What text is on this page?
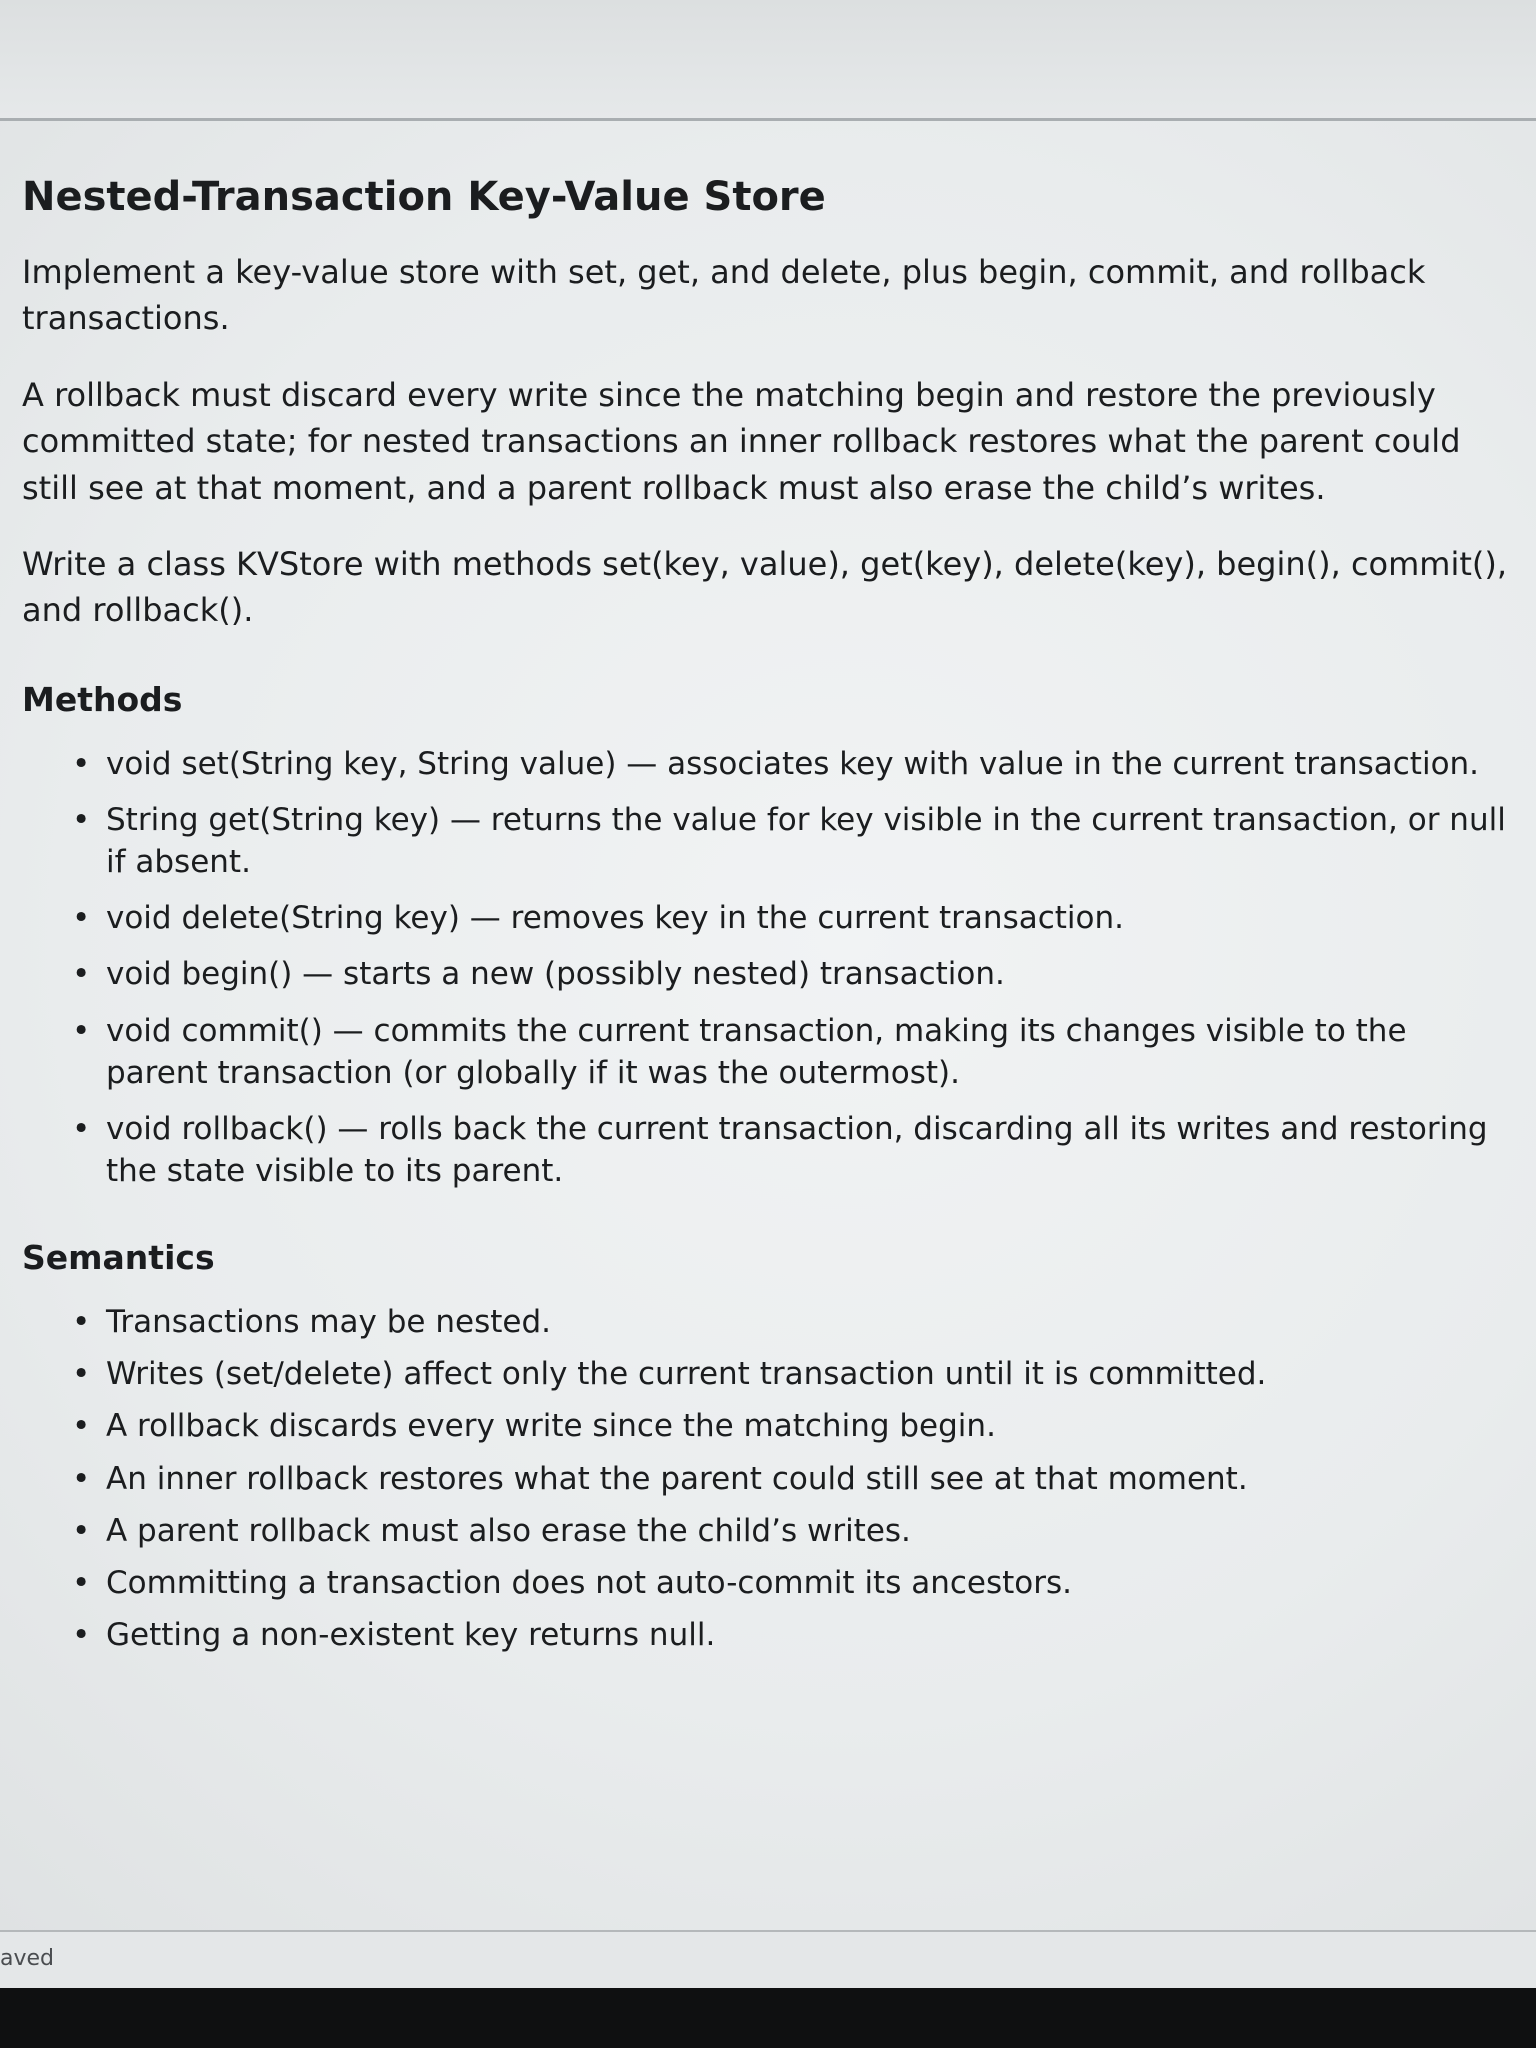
Nested-Transaction Key-Value Store

Implement a key-value store with set, get, and delete, plus begin, commit, and rollback transactions.

A rollback must discard every write since the matching begin and restore the previously committed state; for nested transactions an inner rollback restores what the parent could still see at that moment, and a parent rollback must also erase the child’s writes.

Write a class KVStore with methods set(key, value), get(key), delete(key), begin(), commit(), and rollback().

Methods
• void set(String key, String value) — associates key with value in the current transaction.
• String get(String key) — returns the value for key visible in the current transaction, or null if absent.
• void delete(String key) — removes key in the current transaction.
• void begin() — starts a new (possibly nested) transaction.
• void commit() — commits the current transaction, making its changes visible to the parent transaction (or globally if it was the outermost).
• void rollback() — rolls back the current transaction, discarding all its writes and restoring the state visible to its parent.
Semantics
• Transactions may be nested.
• Writes (set/delete) affect only the current transaction until it is committed.
• A rollback discards every write since the matching begin.
• An inner rollback restores what the parent could still see at that moment.
• A parent rollback must also erase the child’s writes.
• Committing a transaction does not auto-commit its ancestors.
• Getting a non-existent key returns null.
aved
